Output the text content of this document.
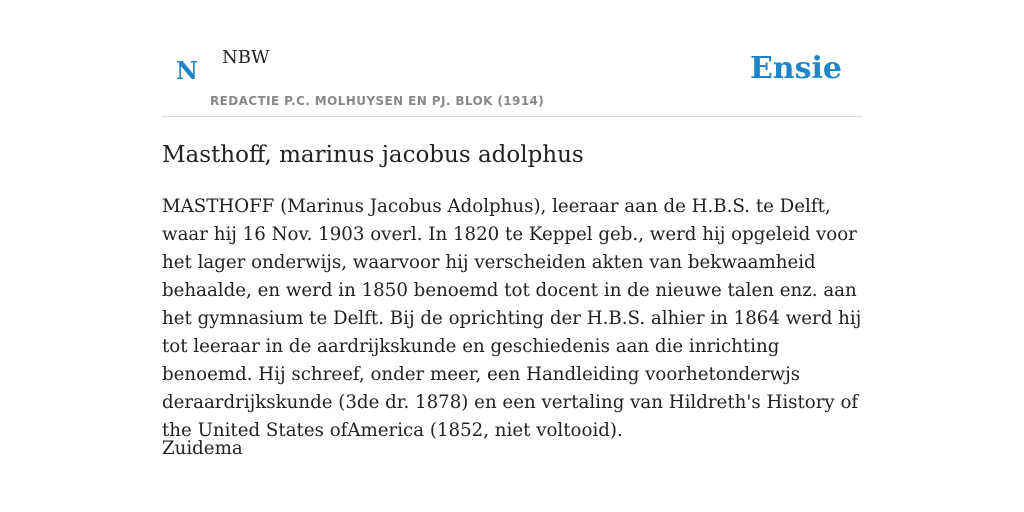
N NBW
REDACTIE P.C. MOLHUYSEN EN PJ. BLOK (1914)
Ensie
Masthoff, marinus jacobus adolphus

MASTHOFF (Marinus Jacobus Adolphus), leeraar aan de H.B.S. te Delft, waar hij 16 Nov. 1903 overl. In 1820 te Keppel geb., werd hij opgeleid voor het lager onderwijs, waarvoor hij verscheiden akten van bekwaamheid behaalde, en werd in 1850 benoemd tot docent in de nieuwe talen enz. aan het gymnasium te Delft. Bij de oprichting der H.B.S. alhier in 1864 werd hij tot leeraar in de aardrijkskunde en geschiedenis aan die inrichting benoemd. Hij schreef, onder meer, een Handleiding voorhetonderwjs deraardrijkskunde (3de dr. 1878) en een vertaling van Hildreth's History of the United States ofAmerica (1852, niet voltooid).

Zuidema
